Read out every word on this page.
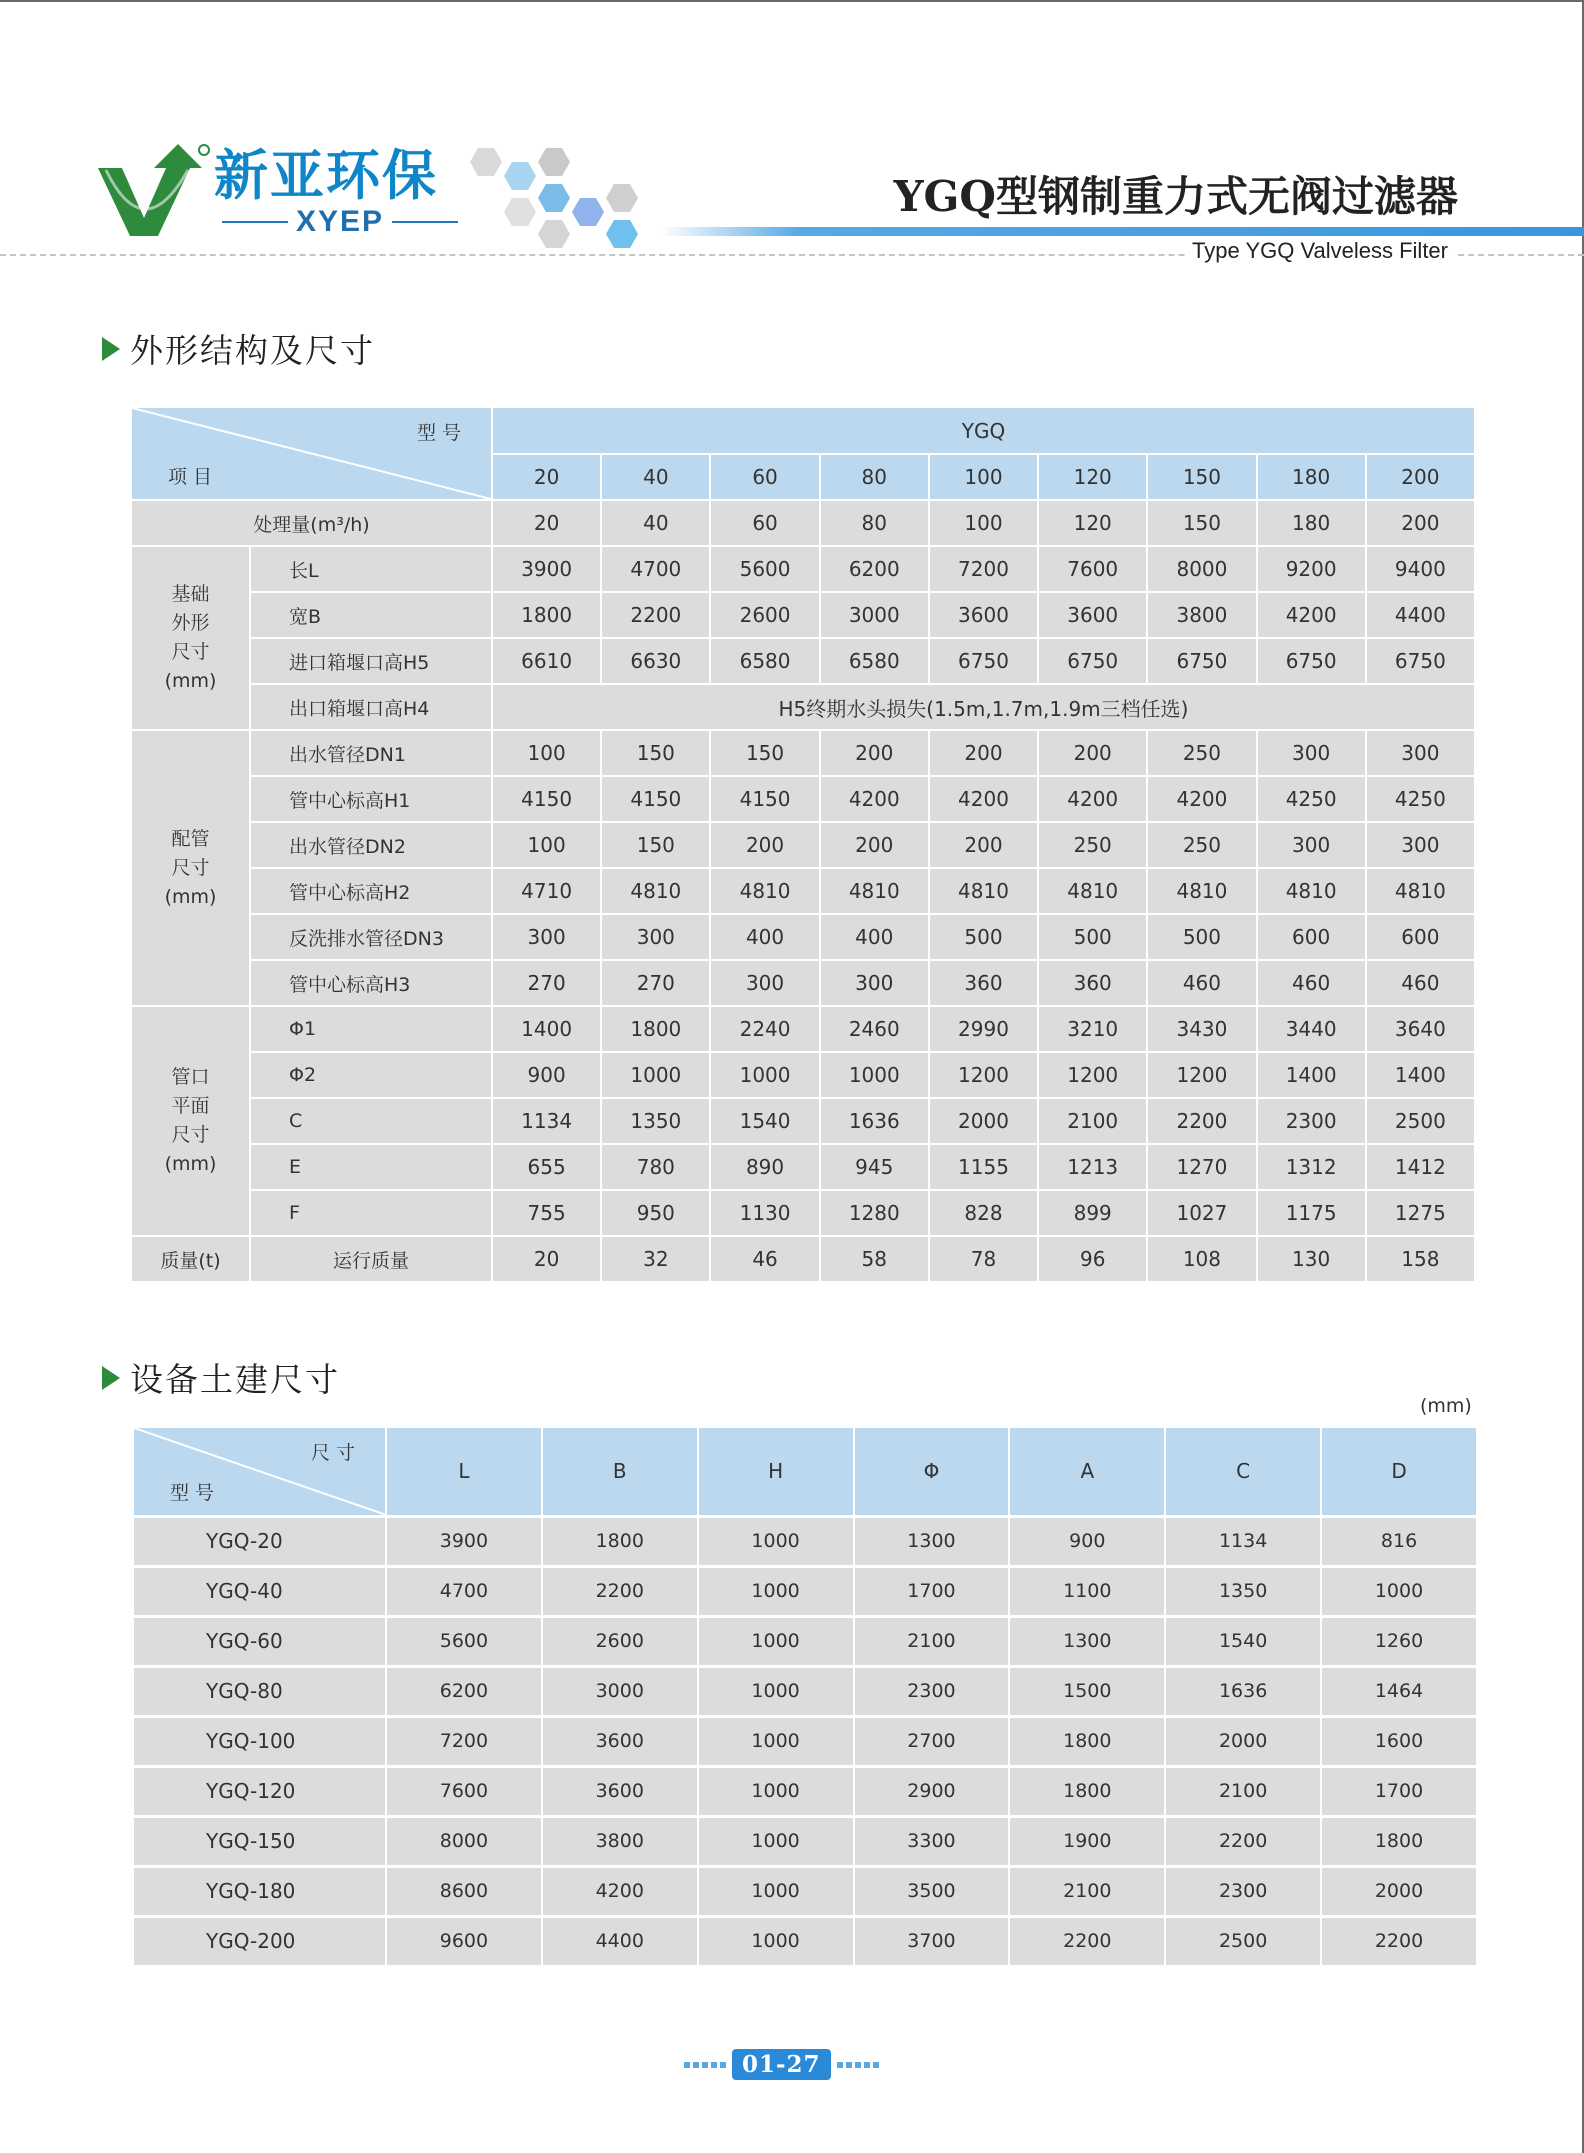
新亚环保
XYEP
YGQ型钢制重力式无阀过滤器
Type YGQ Valveless Filter
外形结构及尺寸
型 号
项 目		YGQ								
		20	40	60	80	100	120	150	180	200
处理量(m³/h)		20	40	60	80	100	120	150	180	200

基础
外形
尺寸
(mm)	长L	3900	4700	5600	6200	7200	7600	8000	9200	9400
	宽B	1800	2200	2600	3000	3600	3600	3800	4200	4400
	进口箱堰口高H5	6610	6630	6580	6580	6750	6750	6750	6750	6750
	出口箱堰口高H4	H5终期水头损失(1.5m,1.7m,1.9m三档任选)								

配管
尺寸
(mm)	出水管径DN1	100	150	150	200	200	200	250	300	300
	管中心标高H1	4150	4150	4150	4200	4200	4200	4200	4250	4250
	出水管径DN2	100	150	200	200	200	250	250	300	300
	管中心标高H2	4710	4810	4810	4810	4810	4810	4810	4810	4810
	反洗排水管径DN3	300	300	400	400	500	500	500	600	600
	管中心标高H3	270	270	300	300	360	360	460	460	460

管口
平面
尺寸
(mm)	Φ1	1400	1800	2240	2460	2990	3210	3430	3440	3640
	Φ2	900	1000	1000	1000	1200	1200	1200	1400	1400
	C	1134	1350	1540	1636	2000	2100	2200	2300	2500
	E	655	780	890	945	1155	1213	1270	1312	1412
	F	755	950	1130	1280	828	899	1027	1175	1275
质量(t)	运行质量	20	32	46	58	78	96	108	130	158
设备土建尺寸
(mm)
尺 寸
型 号	L	B	H	Φ	A	C	D
YGQ-20	3900	1800	1000	1300	900	1134	816
YGQ-40	4700	2200	1000	1700	1100	1350	1000
YGQ-60	5600	2600	1000	2100	1300	1540	1260
YGQ-80	6200	3000	1000	2300	1500	1636	1464
YGQ-100	7200	3600	1000	2700	1800	2000	1600
YGQ-120	7600	3600	1000	2900	1800	2100	1700
YGQ-150	8000	3800	1000	3300	1900	2200	1800
YGQ-180	8600	4200	1000	3500	2100	2300	2000
YGQ-200	9600	4400	1000	3700	2200	2500	2200
01-27
